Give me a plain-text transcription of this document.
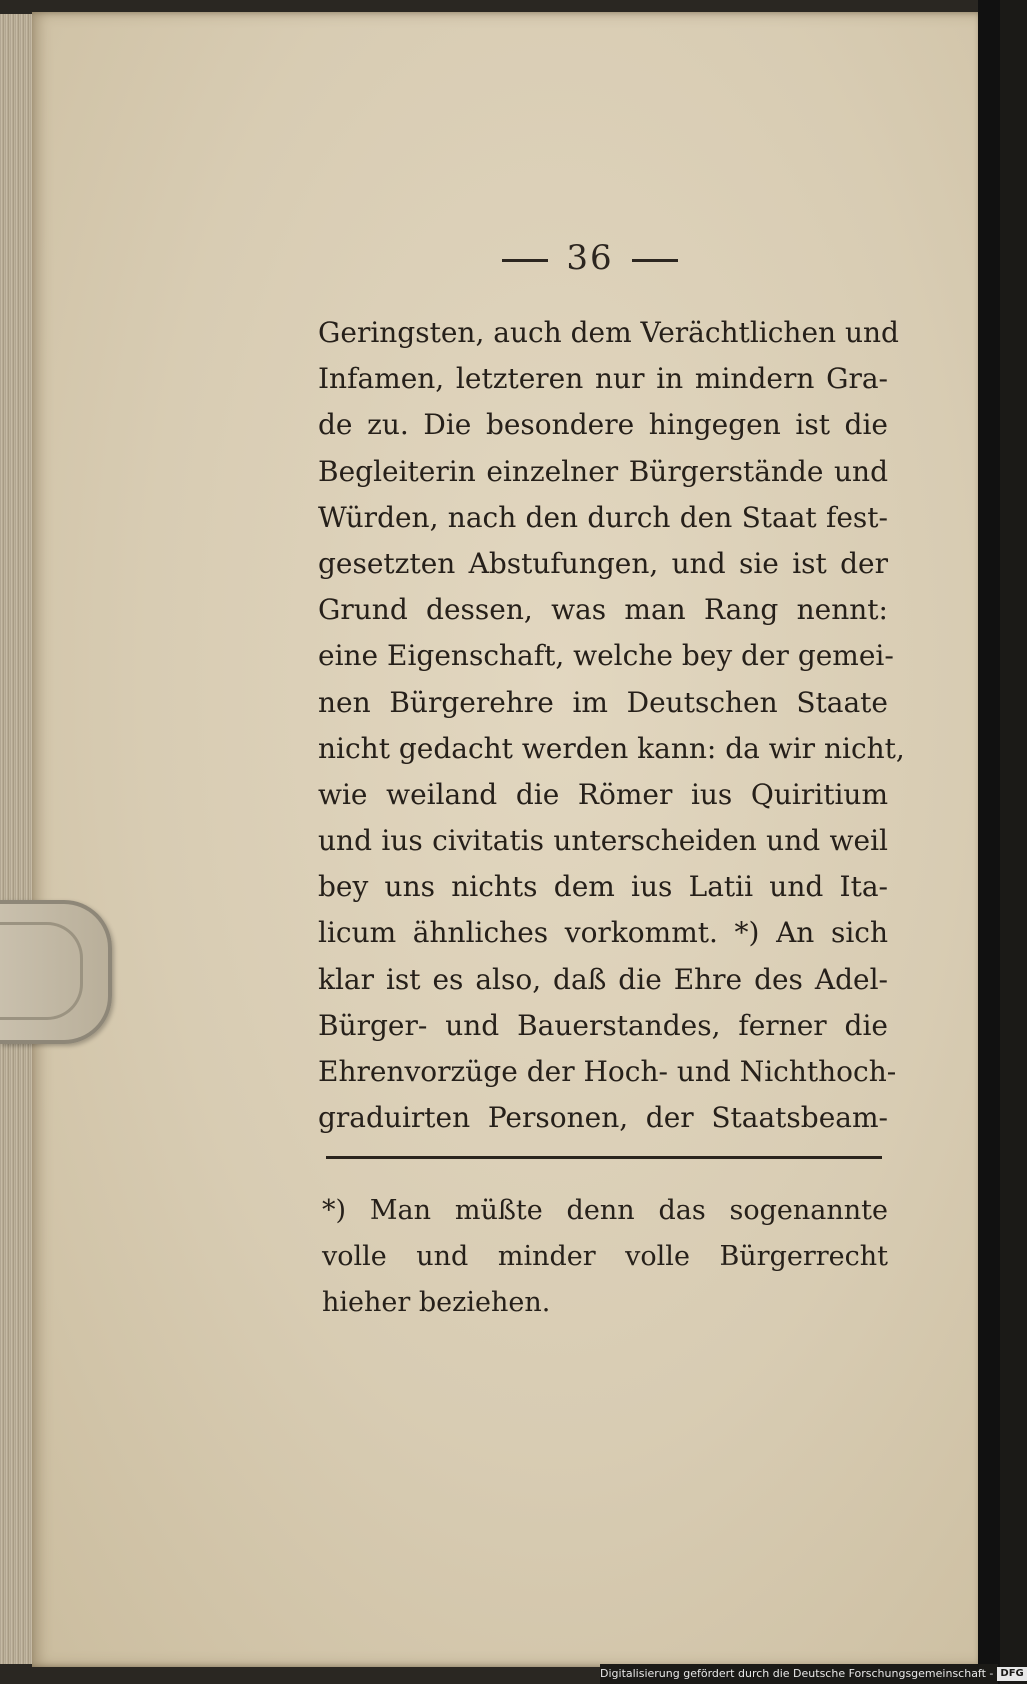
36
Geringsten, auch dem Verächtlichen und
Infamen, letzteren nur in mindern Gra-
de zu. Die besondere hingegen ist die
Begleiterin einzelner Bürgerstände und
Würden, nach den durch den Staat fest-
gesetzten Abstufungen, und sie ist der
Grund dessen, was man Rang nennt:
eine Eigenschaft, welche bey der gemei-
nen Bürgerehre im Deutschen Staate
nicht gedacht werden kann: da wir nicht,
wie weiland die Römer ius Quiritium
und ius civitatis unterscheiden und weil
bey uns nichts dem ius Latii und Ita-
licum ähnliches vorkommt. *) An sich
klar ist es also, daß die Ehre des Adel-
Bürger- und Bauerstandes, ferner die
Ehrenvorzüge der Hoch- und Nichthoch-
graduirten Personen, der Staatsbeam-
*) Man müßte denn das sogenannte
volle und minder volle Bürgerrecht
hieher beziehen.
Digitalisierung gefördert durch die Deutsche Forschungsgemeinschaft - DFG
